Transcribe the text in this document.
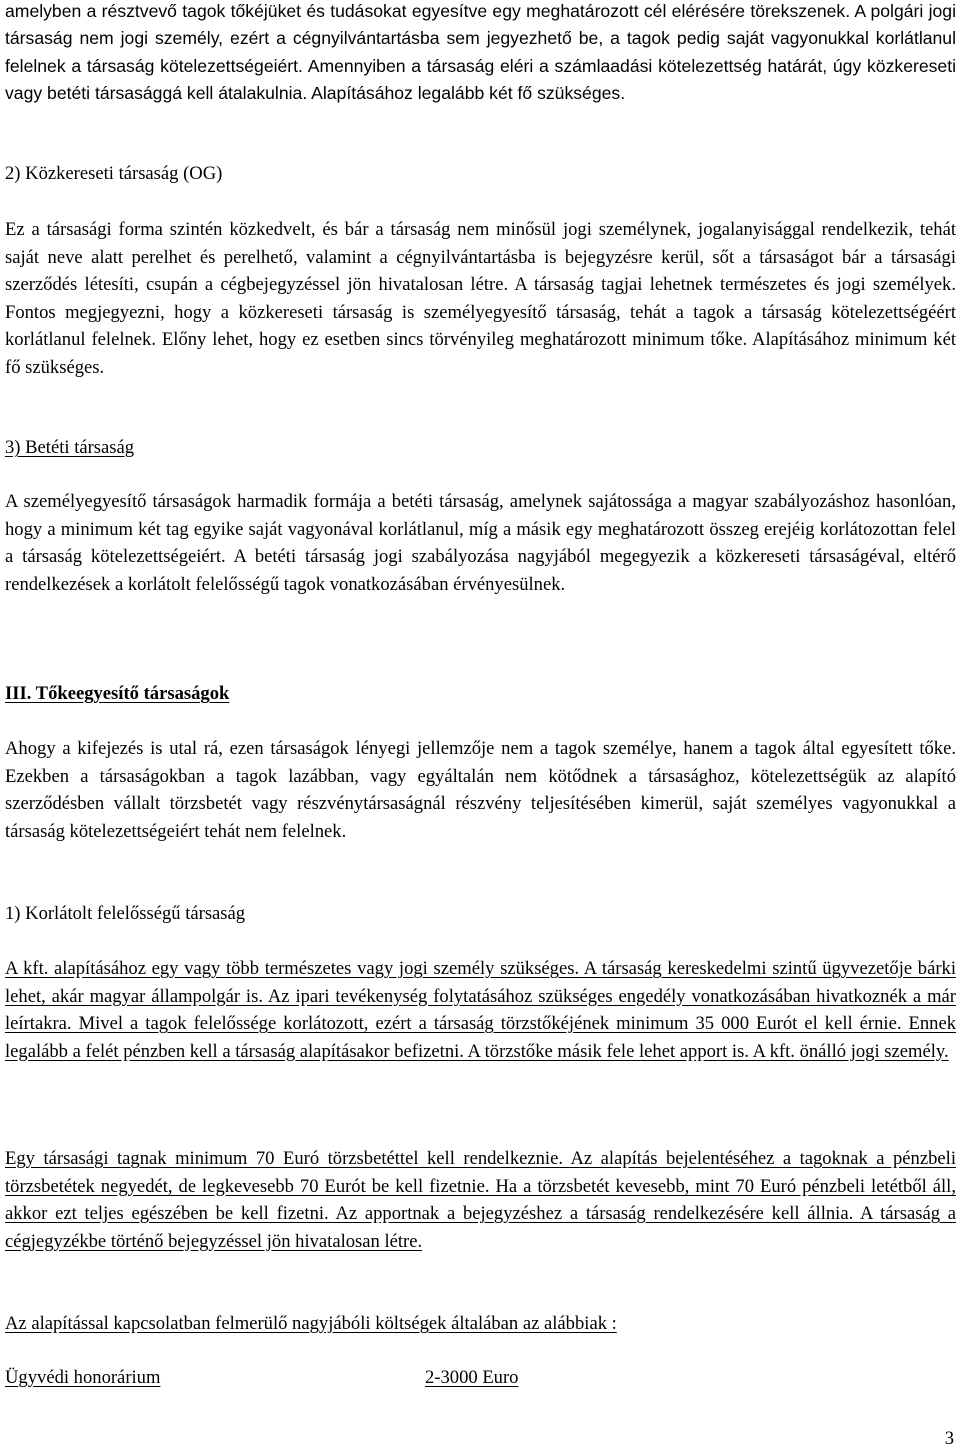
amelyben a résztvevő tagok tőkéjüket és tudásokat egyesítve egy meghatározott cél elérésére törekszenek. A polgári jogi társaság nem jogi személy, ezért a cégnyilvántartásba sem jegyezhető be, a tagok pedig saját vagyonukkal korlátlanul felelnek a társaság kötelezettségeiért. Amennyiben a társaság eléri a számlaadási kötelezettség határát, úgy közkereseti vagy betéti társasággá kell átalakulnia. Alapításához legalább két fő szükséges.

2) Közkereseti társaság (OG)

Ez a társasági forma szintén közkedvelt, és bár a társaság nem minősül jogi személynek, jogalanyisággal rendelkezik, tehát saját neve alatt perelhet és perelhető, valamint a cégnyilvántartásba is bejegyzésre kerül, sőt a társaságot bár a társasági szerződés létesíti, csupán a cégbejegyzéssel jön hivatalosan létre. A társaság tagjai lehetnek természetes és jogi személyek. Fontos megjegyezni, hogy a közkereseti társaság is személyegyesítő társaság, tehát a tagok a társaság kötelezettségéért korlátlanul felelnek. Előny lehet, hogy ez esetben sincs törvényileg meghatározott minimum tőke. Alapításához minimum két fő szükséges.

3) Betéti társaság

A személyegyesítő társaságok harmadik formája a betéti társaság, amelynek sajátossága a magyar szabályozáshoz hasonlóan, hogy a minimum két tag egyike saját vagyonával korlátlanul, míg a másik egy meghatározott összeg erejéig korlátozottan felel a társaság kötelezettségeiért. A betéti társaság jogi szabályozása nagyjából megegyezik a közkereseti társaságéval, eltérő rendelkezések a korlátolt felelősségű tagok vonatkozásában érvényesülnek.

III. Tőkeegyesítő társaságok

Ahogy a kifejezés is utal rá, ezen társaságok lényegi jellemzője nem a tagok személye, hanem a tagok által egyesített tőke. Ezekben a társaságokban a tagok lazábban, vagy egyáltalán nem kötődnek a társasághoz, kötelezettségük az alapító szerződésben vállalt törzsbetét vagy részvénytársaságnál részvény teljesítésében kimerül, saját személyes vagyonukkal a társaság kötelezettségeiért tehát nem felelnek.

1) Korlátolt felelősségű társaság

A kft. alapításához egy vagy több természetes vagy jogi személy szükséges. A társaság kereskedelmi szintű ügyvezetője bárki lehet, akár magyar állampolgár is. Az ipari tevékenység folytatásához szükséges engedély vonatkozásában hivatkoznék a már leírtakra. Mivel a tagok felelőssége korlátozott, ezért a társaság törzstőkéjének minimum 35 000 Eurót el kell érnie. Ennek legalább a felét pénzben kell a társaság alapításakor befizetni. A törzstőke másik fele lehet apport is. A kft. önálló jogi személy.

Egy társasági tagnak minimum 70 Euró törzsbetéttel kell rendelkeznie. Az alapítás bejelentéséhez a tagoknak a pénzbeli törzsbetétek negyedét, de legkevesebb 70 Eurót be kell fizetnie. Ha a törzsbetét kevesebb, mint 70 Euró pénzbeli letétből áll, akkor ezt teljes egészében be kell fizetni. Az apportnak a bejegyzéshez a társaság rendelkezésére kell állnia. A társaság a cégjegyzékbe történő bejegyzéssel jön hivatalosan létre.

Az alapítással kapcsolatban felmerülő nagyjábóli költségek általában az alábbiak :

Ügyvédi honorárium	2-3000 Euro
3
